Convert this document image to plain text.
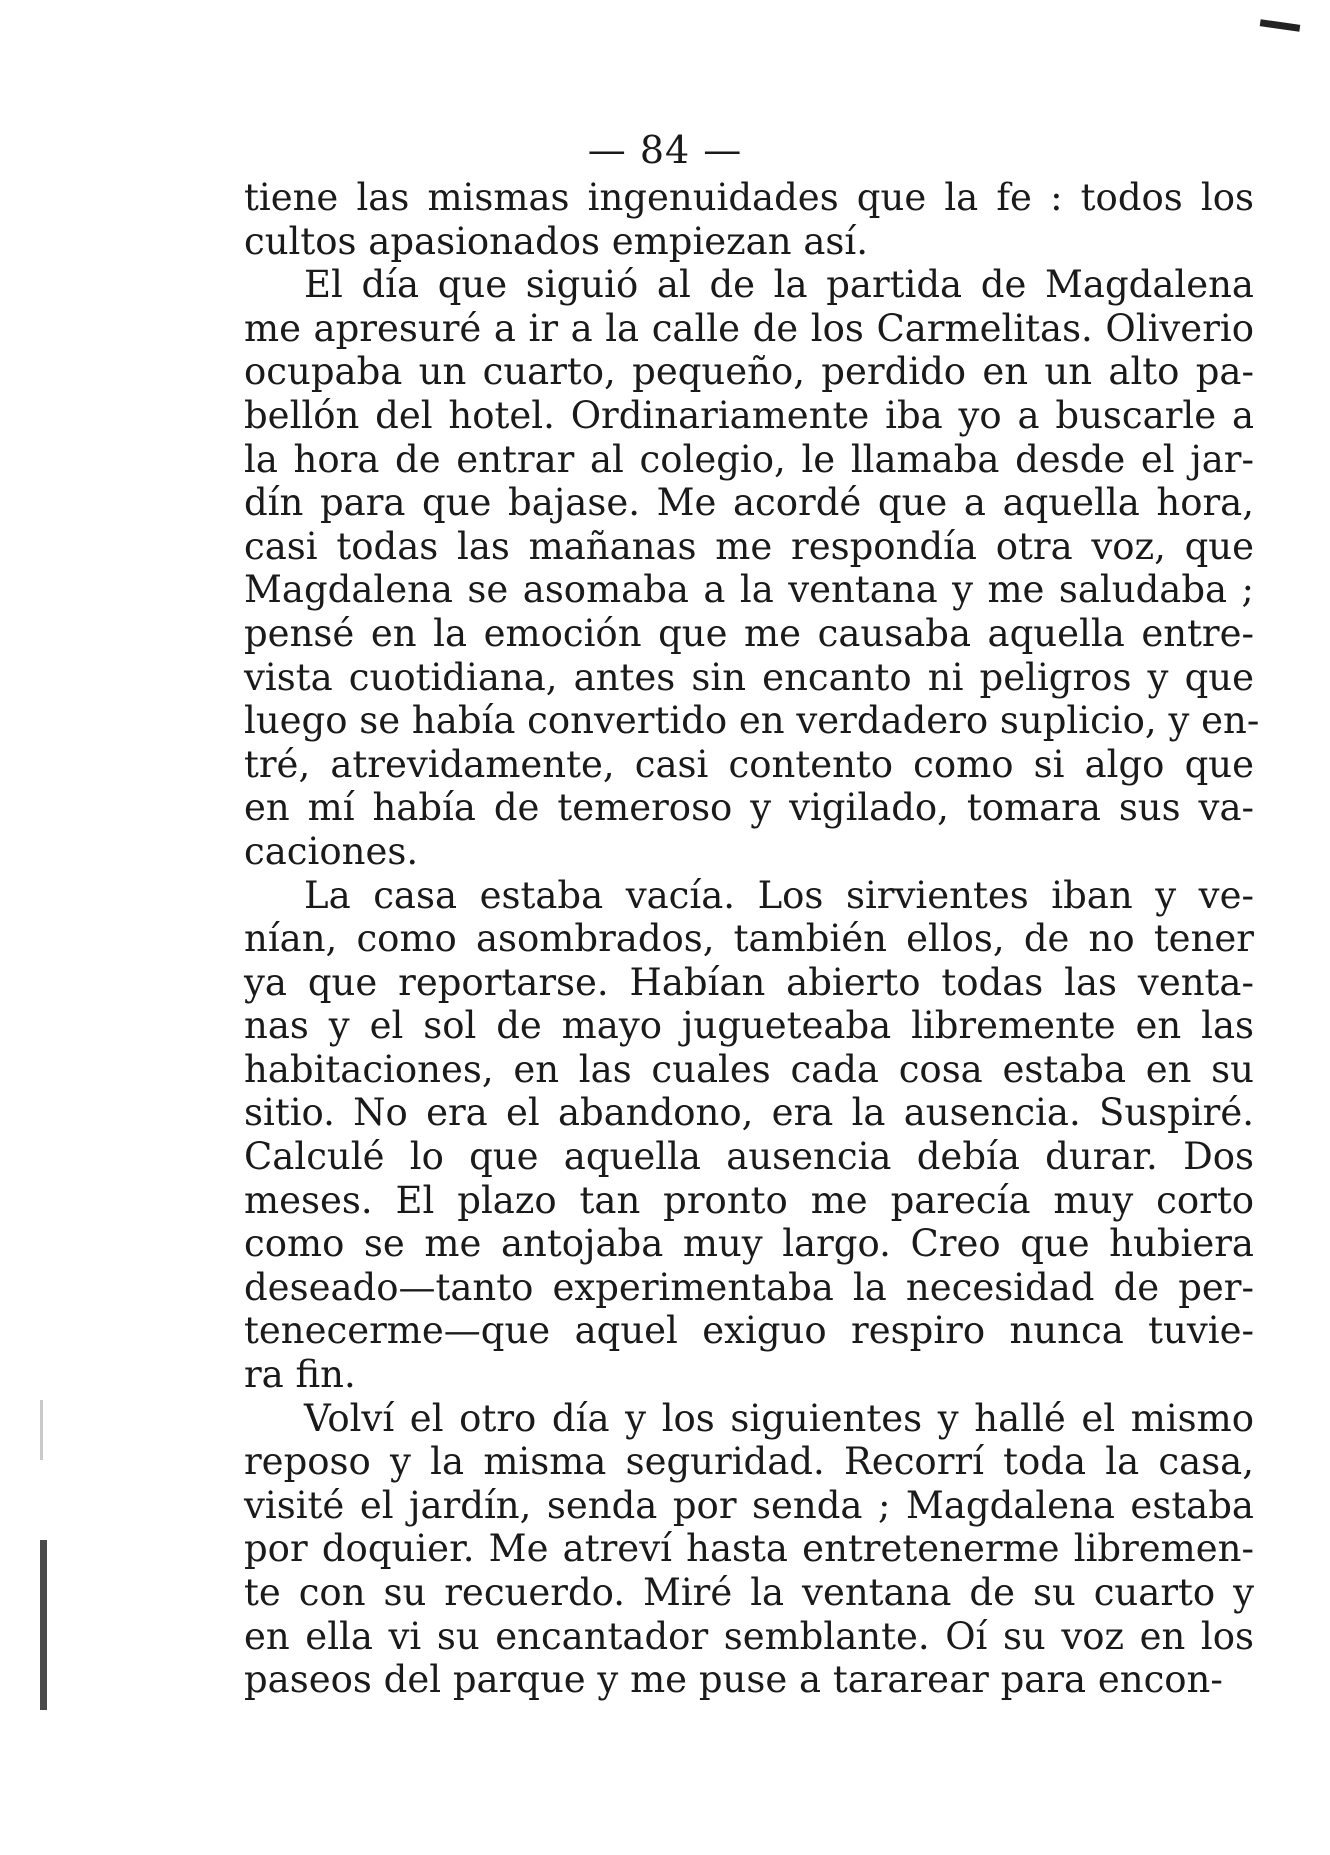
— 84 —
tiene las mismas ingenuidades que la fe : todos los
cultos apasionados empiezan así.
El día que siguió al de la partida de Magdalena
me apresuré a ir a la calle de los Carmelitas. Oliverio
ocupaba un cuarto, pequeño, perdido en un alto pa-
bellón del hotel. Ordinariamente iba yo a buscarle a
la hora de entrar al colegio, le llamaba desde el jar-
dín para que bajase. Me acordé que a aquella hora,
casi todas las mañanas me respondía otra voz, que
Magdalena se asomaba a la ventana y me saludaba ;
pensé en la emoción que me causaba aquella entre-
vista cuotidiana, antes sin encanto ni peligros y que
luego se había convertido en verdadero suplicio, y en-
tré, atrevidamente, casi contento como si algo que
en mí había de temeroso y vigilado, tomara sus va-
caciones.
La casa estaba vacía. Los sirvientes iban y ve-
nían, como asombrados, también ellos, de no tener
ya que reportarse. Habían abierto todas las venta-
nas y el sol de mayo jugueteaba libremente en las
habitaciones, en las cuales cada cosa estaba en su
sitio. No era el abandono, era la ausencia. Suspiré.
Calculé lo que aquella ausencia debía durar. Dos
meses. El plazo tan pronto me parecía muy corto
como se me antojaba muy largo. Creo que hubiera
deseado—tanto experimentaba la necesidad de per-
tenecerme—que aquel exiguo respiro nunca tuvie-
ra fin.
Volví el otro día y los siguientes y hallé el mismo
reposo y la misma seguridad. Recorrí toda la casa,
visité el jardín, senda por senda ; Magdalena estaba
por doquier. Me atreví hasta entretenerme libremen-
te con su recuerdo. Miré la ventana de su cuarto y
en ella vi su encantador semblante. Oí su voz en los
paseos del parque y me puse a tararear para encon-
